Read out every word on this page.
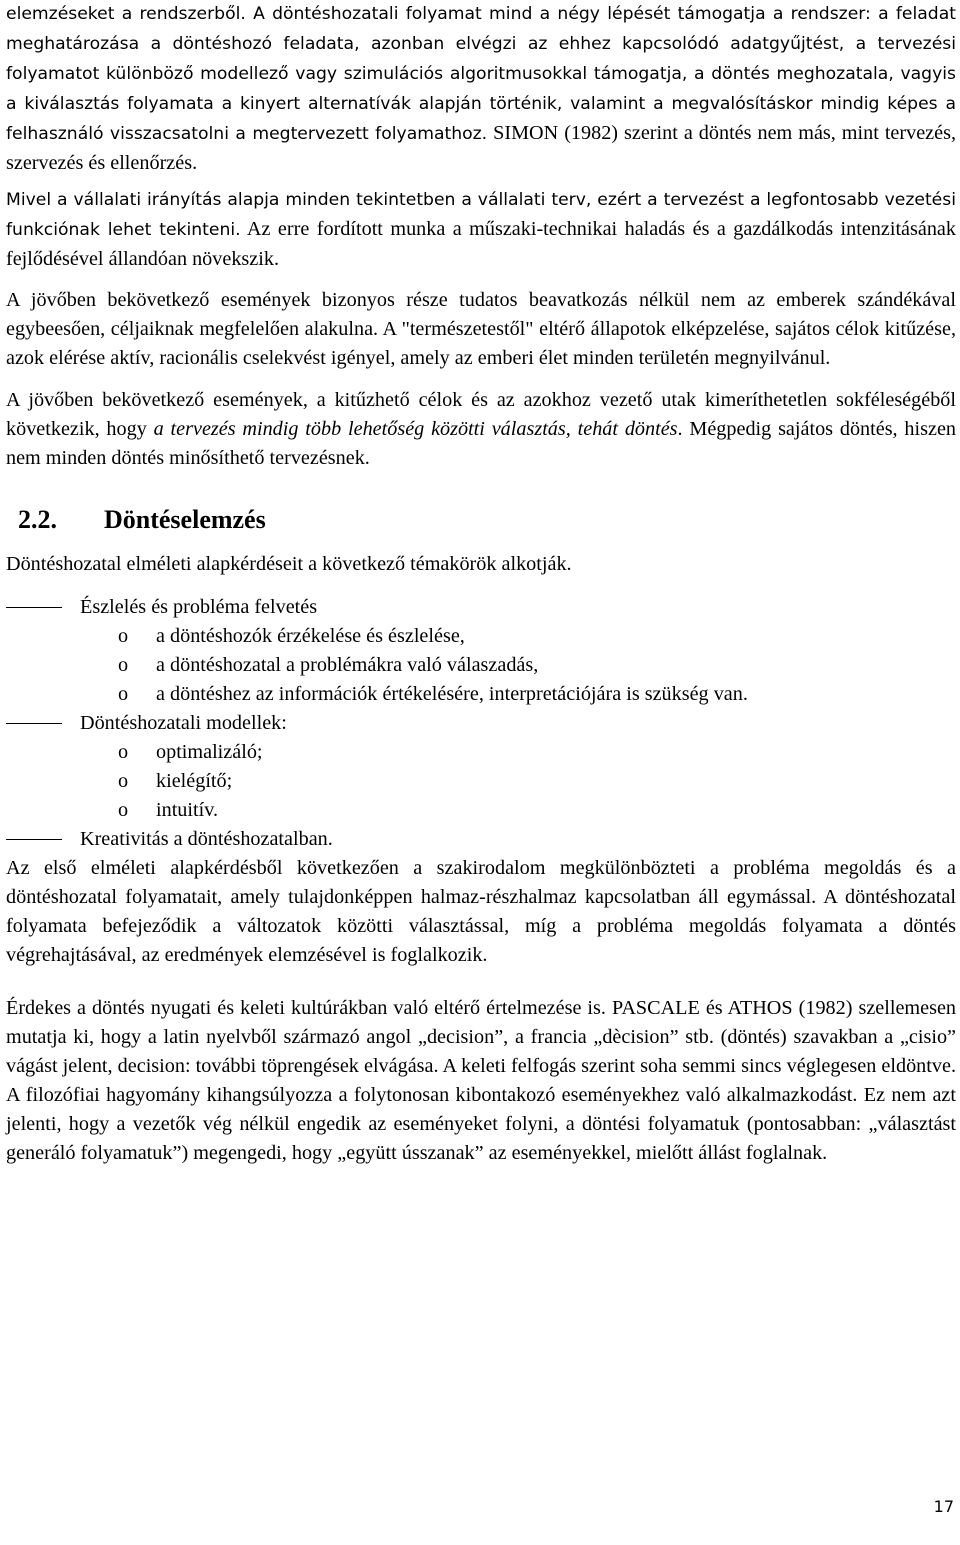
elemzéseket a rendszerből. A döntéshozatali folyamat mind a négy lépését támogatja a rendszer: a feladat meghatározása a döntéshozó feladata, azonban elvégzi az ehhez kapcsolódó adatgyűjtést, a tervezési folyamatot különböző modellező vagy szimulációs algoritmusokkal támogatja, a döntés meghozatala, vagyis a kiválasztás folyamata a kinyert alternatívák alapján történik, valamint a megvalósításkor mindig képes a felhasználó visszacsatolni a megtervezett folyamathoz. SIMON (1982) szerint a döntés nem más, mint tervezés, szervezés és ellenőrzés.

Mivel a vállalati irányítás alapja minden tekintetben a vállalati terv, ezért a tervezést a legfontosabb vezetési funkciónak lehet tekinteni. Az erre fordított munka a műszaki-technikai haladás és a gazdálkodás intenzitásának fejlődésével állandóan növekszik.

A jövőben bekövetkező események bizonyos része tudatos beavatkozás nélkül nem az emberek szándékával egybeesően, céljaiknak megfelelően alakulna. A "természetestől" eltérő állapotok elképzelése, sajátos célok kitűzése, azok elérése aktív, racionális cselekvést igényel, amely az emberi élet minden területén megnyilvánul.

A jövőben bekövetkező események, a kitűzhető célok és az azokhoz vezető utak kimeríthetetlen sokféleségéből következik, hogy a tervezés mindig több lehetőség közötti választás, tehát döntés. Mégpedig sajátos döntés, hiszen nem minden döntés minősíthető tervezésnek.

2.2. Döntéselemzés

Döntéshozatal elméleti alapkérdéseit a következő témakörök alkotják.

Észlelés és probléma felvetés
o a döntéshozók érzékelése és észlelése,
o a döntéshozatal a problémákra való válaszadás,
o a döntéshez az információk értékelésére, interpretációjára is szükség van.
Döntéshozatali modellek:
o optimalizáló;
o kielégítő;
o intuitív.
Kreativitás a döntéshozatalban.

Az első elméleti alapkérdésből következően a szakirodalom megkülönbözteti a probléma megoldás és a döntéshozatal folyamatait, amely tulajdonképpen halmaz-részhalmaz kapcsolatban áll egymással. A döntéshozatal folyamata befejeződik a változatok közötti választással, míg a probléma megoldás folyamata a döntés végrehajtásával, az eredmények elemzésével is foglalkozik.

Érdekes a döntés nyugati és keleti kultúrákban való eltérő értelmezése is. PASCALE és ATHOS (1982) szellemesen mutatja ki, hogy a latin nyelvből származó angol „decision”, a francia „dècision” stb. (döntés) szavakban a „cisio” vágást jelent, decision: további töprengések elvágása. A keleti felfogás szerint soha semmi sincs véglegesen eldöntve. A filozófiai hagyomány kihangsúlyozza a folytonosan kibontakozó eseményekhez való alkalmazkodást. Ez nem azt jelenti, hogy a vezetők vég nélkül engedik az eseményeket folyni, a döntési folyamatuk (pontosabban: „választást generáló folyamatuk”) megengedi, hogy „együtt ússzanak” az eseményekkel, mielőtt állást foglalnak.

17
